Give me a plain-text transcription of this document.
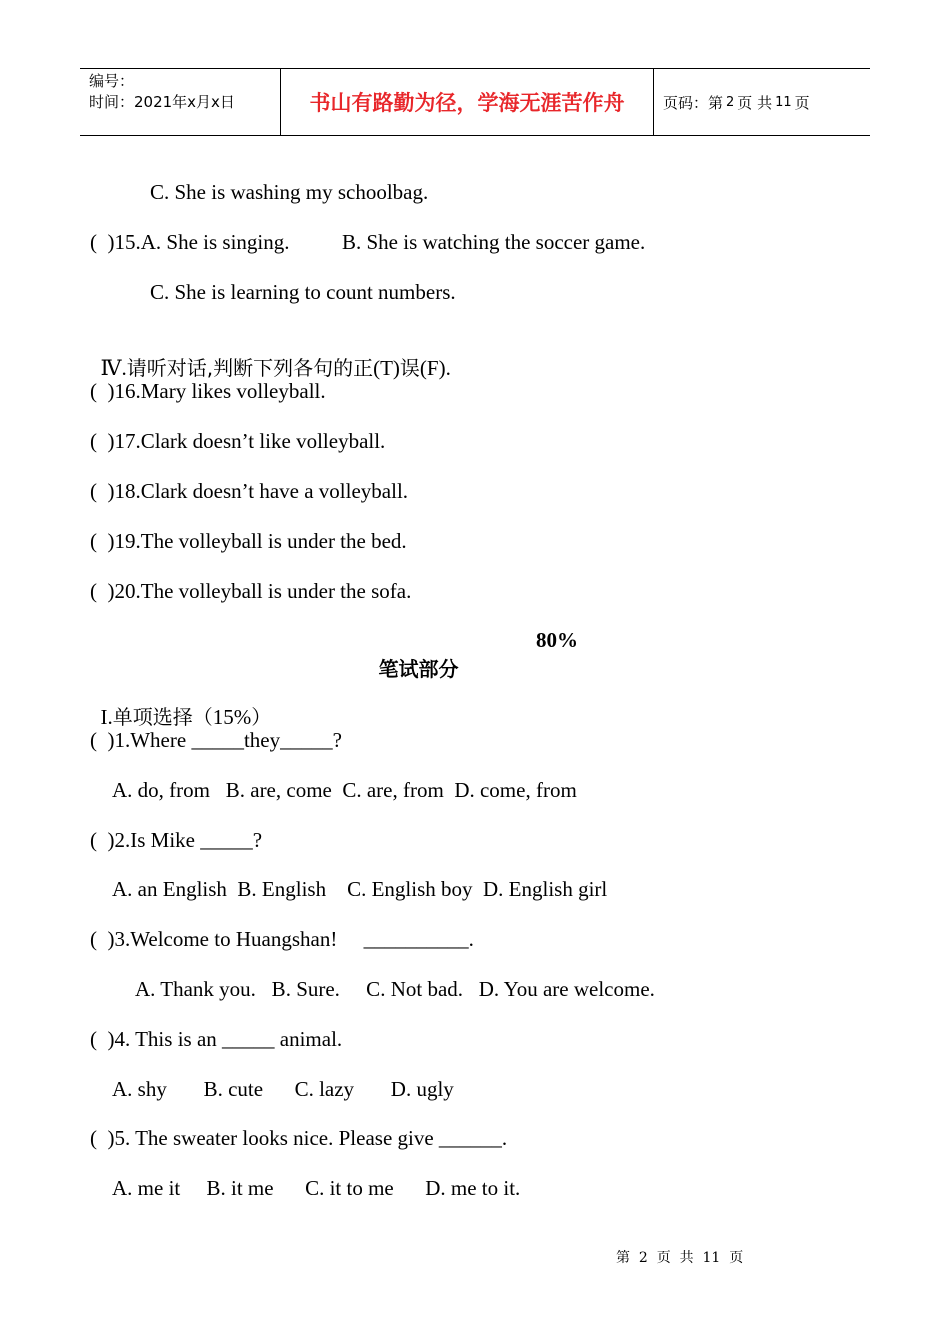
编号：
时间：2021年x月x日	书山有路勤为径，学海无涯苦作舟	页码：第 2 页 共 11 页
C. She is washing my schoolbag.
(  )15.A. She is singing.          B. She is watching the soccer game.
C. She is learning to count numbers.

Ⅳ.请听对话,判断下列各句的正(T)误(F).

(  )16.Mary likes volleyball.
(  )17.Clark doesn’t like volleyball.
(  )18.Clark doesn’t have a volleyball.
(  )19.The volleyball is under the bed.
(  )20.The volleyball is under the sofa.

笔试部分

80%

I.单项选择（15%）

(  )1.Where _____they_____?
A. do, from   B. are, come  C. are, from  D. come, from
(  )2.Is Mike _____?
A. an English  B. English    C. English boy  D. English girl
(  )3.Welcome to Huangshan!     __________.
A. Thank you.   B. Sure.     C. Not bad.   D. You are welcome.
(  )4. This is an _____ animal.
A. shy       B. cute      C. lazy       D. ugly
(  )5. The sweater looks nice. Please give ______.
A. me it     B. it me      C. it to me      D. me to it.
第  2  页  共  11  页
